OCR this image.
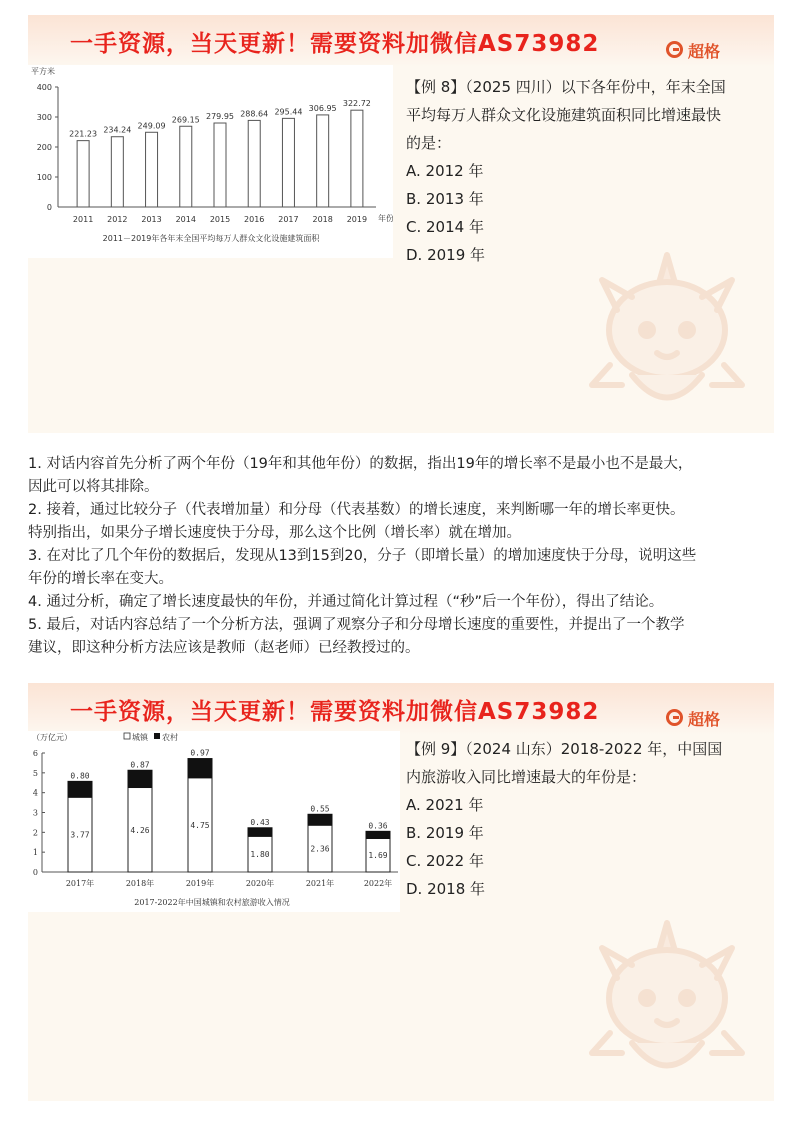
一手资源，当天更新！需要资料加微信AS73982	超格
平方米
0
100
200
300
400
221.23
2011
234.24
2012
249.09
2013
269.15
2014
279.95
2015
288.64
2016
295.44
2017
306.95
2018
322.72
2019 年份
2011－2019年各年末全国平均每万人群众文化设施建筑面积
【例 8】（2025 四川）以下各年份中，年末全国
平均每万人群众文化设施建筑面积同比增速最快
的是：
A. 2012 年
B. 2013 年
C. 2014 年
D. 2019 年
1. 对话内容首先分析了两个年份（19年和其他年份）的数据，指出19年的增长率不是最小也不是最大，
因此可以将其排除。
2. 接着，通过比较分子（代表增加量）和分母（代表基数）的增长速度，来判断哪一年的增长率更快。
特别指出，如果分子增长速度快于分母，那么这个比例（增长率）就在增加。
3. 在对比了几个年份的数据后，发现从13到15到20，分子（即增长量）的增加速度快于分母，说明这些
年份的增长率在变大。
4. 通过分析，确定了增长速度最快的年份，并通过简化计算过程（“秒”后一个年份），得出了结论。
5. 最后，对话内容总结了一个分析方法，强调了观察分子和分母增长速度的重要性，并提出了一个教学
建议，即这种分析方法应该是教师（赵老师）已经教授过的。
一手资源，当天更新！需要资料加微信AS73982	超格
（万亿元）	城镇 农村
0
1
2
3
4
5
6
3.77
0.80
2017年
4.26
0.87
2018年
4.75
0.97
2019年
1.80
0.43
2020年
2.36
0.55
2021年
1.69
0.36
2022年
2017-2022年中国城镇和农村旅游收入情况
【例 9】（2024 山东）2018-2022 年，中国国
内旅游收入同比增速最大的年份是：
A. 2021 年
B. 2019 年
C. 2022 年
D. 2018 年
